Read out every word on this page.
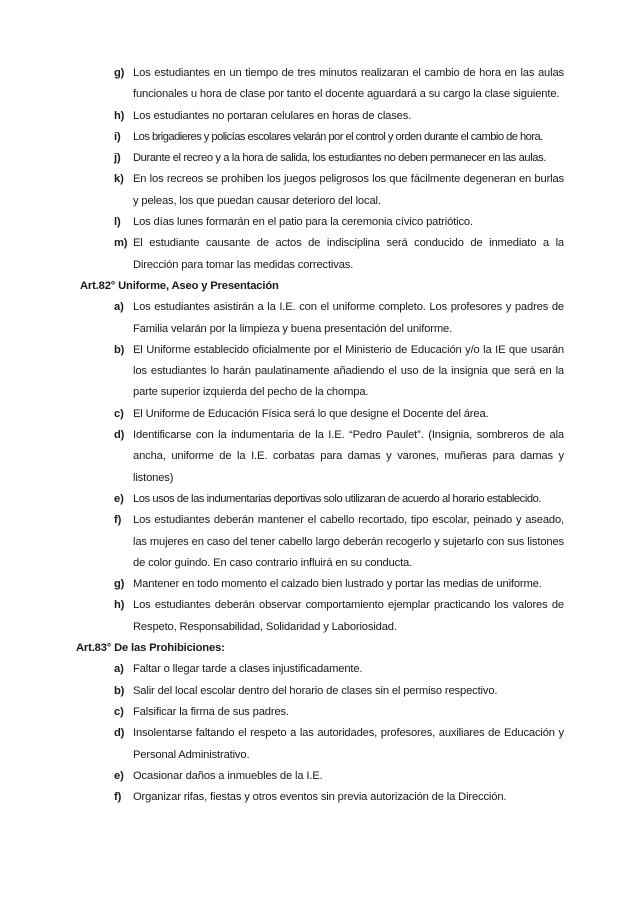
g) Los estudiantes en un tiempo de tres minutos realizaran el cambio de hora en las aulas funcionales u hora de clase por tanto el docente aguardará a su cargo la clase siguiente.
h) Los estudiantes no portaran celulares en horas de clases.
i) Los brigadieres y policías escolares velarán por el control y orden durante el cambio de hora.
j) Durante el recreo y a la hora de salida, los estudiantes no deben permanecer en las aulas.
k) En los recreos se prohiben los juegos peligrosos los que fácilmente degeneran en burlas y peleas, los que puedan causar deterioro del local.
l) Los días lunes formarán en el patio para la ceremonia cívico patriótico.
m) El estudiante causante de actos de indisciplina será conducido de inmediato a la Dirección para tomar las medidas correctivas.
Art.82° Uniforme, Aseo y Presentación
a) Los estudiantes asistirán a la I.E. con el uniforme completo. Los profesores y padres de Familia velarán por la limpieza y buena presentación del uniforme.
b) El Uniforme establecido oficialmente por el Ministerio de Educación y/o la IE que usarán los estudiantes lo harán paulatinamente añadiendo el uso de la insignia que será en la parte superior izquierda del pecho de la chompa.
c) El Uniforme de Educación Física será lo que designe el Docente del área.
d) Identificarse con la indumentaria de la I.E. “Pedro Paulet”. (Insignia, sombreros de ala ancha, uniforme de la I.E. corbatas para damas y varones, muñeras para damas y listones)
e) Los usos de las indumentarias deportivas solo utilizaran de acuerdo al horario establecido.
f) Los estudiantes deberán mantener el cabello recortado, tipo escolar, peinado y aseado, las mujeres en caso del tener cabello largo deberán recogerlo y sujetarlo con sus listones de color guindo. En caso contrario influirá en su conducta.
g) Mantener en todo momento el calzado bien lustrado y portar las medias de uniforme.
h) Los estudiantes deberán observar comportamiento ejemplar practicando los valores de Respeto, Responsabilidad, Solidaridad y Laboriosidad.
Art.83° De las Prohibiciones:
a) Faltar o llegar tarde a clases injustificadamente.
b) Salir del local escolar dentro del horario de clases sin el permiso respectivo.
c) Falsificar la firma de sus padres.
d) Insolentarse faltando el respeto a las autoridades, profesores, auxiliares de Educación y Personal Administrativo.
e) Ocasionar daños a inmuebles de la I.E.
f) Organizar rifas, fiestas y otros eventos sin previa autorización de la Dirección.
